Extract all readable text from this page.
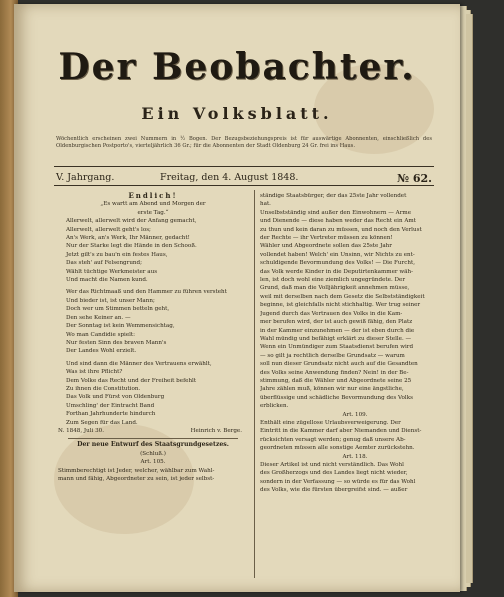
Der Beobachter.
Ein Volksblatt.
Wöchentlich erscheinen zwei Nummern in ½ Bogen. Der Bezugsbeziehungspreis ist für auswärtige Abonnenten, einschließlich des Oldenburgischen Postporto's, vierteljährlich 36 Gr.; für die Abonnenten der Stadt Oldenburg 24 Gr. frei ins Haus.
V. Jahrgang.	Freitag, den 4. August 1848.	№ 62.

Endlich!

„Es wartt am Abend und Morgen der

erste Tag.“

Allerwelt, allerwelt wird der Anfang gemacht,

Allerwelt, allerwelt geht's los;

An's Werk, an's Werk, Ihr Männer, gedacht!

Nur der Starke legt die Hände in den Schooß.

Jetzt gilt's zu bau'n ein festes Haus,

Das steh' auf Felsengrund;

Wählt tüchtige Werkmeister aus

Und macht die Namen kund.

Wer das Richtmaaß und den Hammer zu führen versteht

Und bieder ist, ist unser Mann;

Doch wer um Stimmen betteln geht,

Den sehe Keiner an. —

Der Sonntag ist kein Wemmensichtag,

Wo man Candidie spielt:

Nur festen Sinn des braven Mann's

Der Landes Wohl erzielt.

Und sind dann die Männer des Vertrauens erwählt,

Was ist ihre Pflicht?

Dem Volke das Recht und der Freiheit befehlt

Zu ihnen die Constitution.

Das Volk und Fürst von Oldenburg

Umschling' der Eintracht Band

Forthan Jahrhunderte hindurch

Zum Segen für das Land.

N. 1848, Juli 30.	Heinrich v. Berge.

Der neue Entwurf des Staatsgrundgesetzes.

(Schluß.)

Art. 105.

Stimmberechtigt ist Jeder, welcher, wählbar zum Wahl-

mann und fähig, Abgeordneter zu sein, ist jeder selbst-

ständige Staatsbürger, der das 25ste Jahr vollendet

hat.

Unselbstständig sind außer den Einwohnern — Arme

und Dienende — diese haben weder das Recht ein Amt

zu thun und kein daran zu müssen, und noch den Verlust

der Rechte — ihr Vertreter müssen zu können!

Wähler und Abgeordnete sollen das 25ste Jahr

vollendet haben! Welch' ein Unsinn, wir Nichts zu ent-

schuldigende Bevormundung des Volks! — Die Furcht,

das Volk werde Kinder in die Deputirtenkammer wäh-

len, ist doch wohl eine ziemlich ungegründete. Der

Grund, daß man die Volljährigkeit annehmen müsse,

weil mit derselben nach dem Gesetz die Selbstständigkeit

beginne, ist gleichfalls nicht stichhaltig. Wer trug seiner

Jugend durch das Vertrauen des Volks in die Kam-

mer berufen wird, der ist auch gewiß fähig, den Platz

in der Kammer einzunehmen — der ist eben durch die

Wahl mündig und befähigt erklärt zu dieser Stelle. —

Wenn ein Unmündiger zum Staatsdienst berufen wird

— so gilt ja rechtlich derselbe Grundsatz — warum

soll nun dieser Grundsatz nicht auch auf die Gesandten

des Volks seine Anwendung finden? Nein! in der Be-

stimmung, daß die Wähler und Abgeordnete seine 25

Jahre zählen muß, können wir nur eine ängstliche,

überflüssige und schädliche Bevormundung des Volks

erblicken.

Art. 109.

Enthält eine zügellose Urlaubsverweigerung. Der

Eintritt in die Kammer darf aber Niemanden und Dienst-

rücksichten versagt werden; genug daß unsere Ab-

geordneten müssen alle sonstige Aemter zurückstehn.

Art. 118.

Dieser Artikel ist und nicht verständlich. Das Wohl

des Großherzogs und des Landes liegt nicht wieder,

sondern in der Verfassung — so würde es für das Wohl

des Volks, wie die fürsten übergreifst sind. — außer
